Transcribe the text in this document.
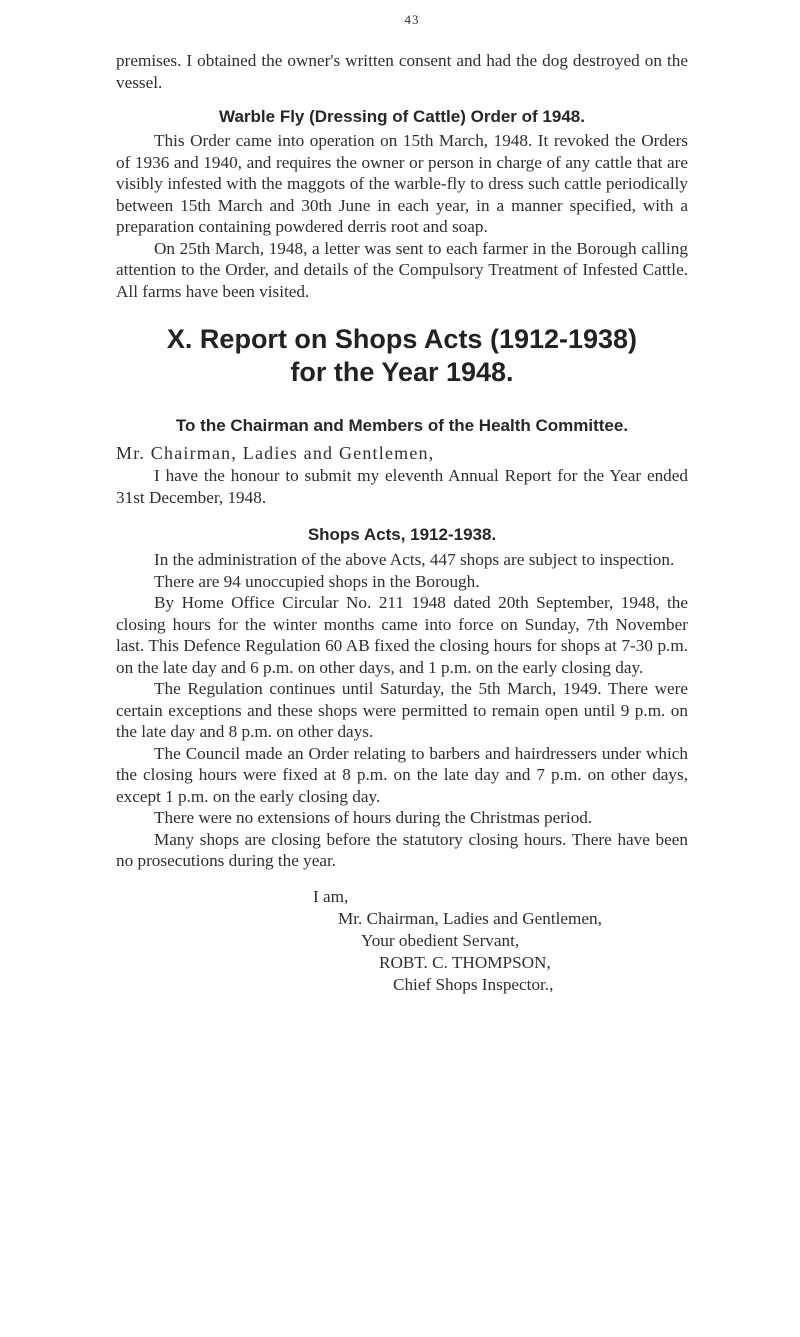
43

premises. I obtained the owner's written consent and had the dog destroyed on the vessel.

Warble Fly (Dressing of Cattle) Order of 1948.

This Order came into operation on 15th March, 1948. It revoked the Orders of 1936 and 1940, and requires the owner or person in charge of any cattle that are visibly infested with the maggots of the warble-fly to dress such cattle periodically between 15th March and 30th June in each year, in a manner specified, with a preparation containing powdered derris root and soap.

On 25th March, 1948, a letter was sent to each farmer in the Borough calling attention to the Order, and details of the Compulsory Treatment of Infested Cattle. All farms have been visited.

X. Report on Shops Acts (1912-1938)
for the Year 1948.
To the Chairman and Members of the Health Committee.
Mr. Chairman, Ladies and Gentlemen,

I have the honour to submit my eleventh Annual Report for the Year ended 31st December, 1948.

Shops Acts, 1912-1938.

In the administration of the above Acts, 447 shops are subject to inspection.

There are 94 unoccupied shops in the Borough.

By Home Office Circular No. 211 1948 dated 20th September, 1948, the closing hours for the winter months came into force on Sunday, 7th November last. This Defence Regulation 60 AB fixed the closing hours for shops at 7-30 p.m. on the late day and 6 p.m. on other days, and 1 p.m. on the early closing day.

The Regulation continues until Saturday, the 5th March, 1949. There were certain exceptions and these shops were permitted to remain open until 9 p.m. on the late day and 8 p.m. on other days.

The Council made an Order relating to barbers and hairdressers under which the closing hours were fixed at 8 p.m. on the late day and 7 p.m. on other days, except 1 p.m. on the early closing day.

There were no extensions of hours during the Christmas period.

Many shops are closing before the statutory closing hours. There have been no prosecutions during the year.

I am,
Mr. Chairman, Ladies and Gentlemen,
Your obedient Servant,
ROBT. C. THOMPSON,
Chief Shops Inspector.,
